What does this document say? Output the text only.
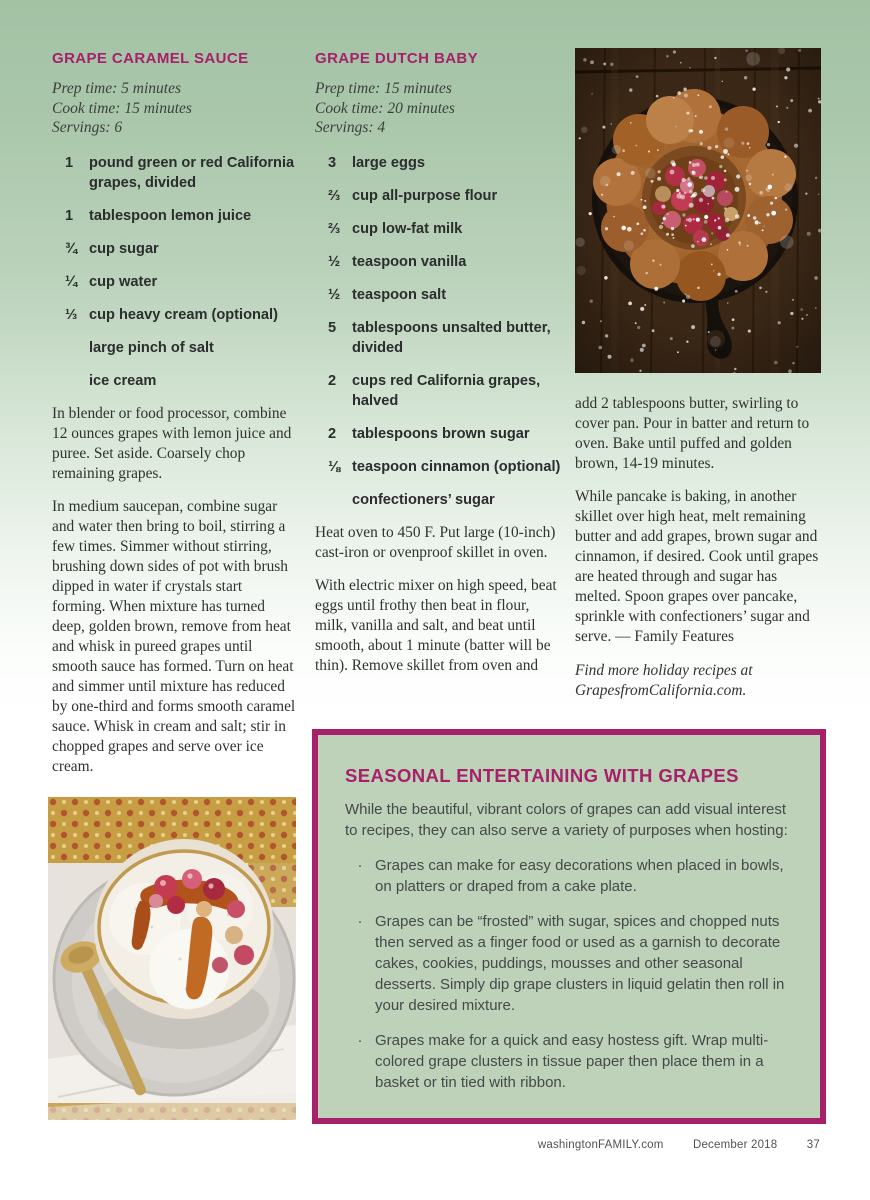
GRAPE CARAMEL SAUCE
Prep time: 5 minutes
Cook time: 15 minutes
Servings: 6
1	pound green or red California grapes, divided
1	tablespoon lemon juice
¾ cup sugar
¼ cup water
⅓ cup heavy cream (optional)
large pinch of salt
ice cream

In blender or food processor, combine 12 ounces grapes with lemon juice and puree. Set aside. Coarsely chop remaining grapes.

In medium saucepan, combine sugar and water then bring to boil, stirring a few times. Simmer without stirring, brushing down sides of pot with brush dipped in water if crystals start forming. When mixture has turned deep, golden brown, remove from heat and whisk in pureed grapes until smooth sauce has formed. Turn on heat and simmer until mixture has reduced by one-third and forms smooth caramel sauce. Whisk in cream and salt; stir in chopped grapes and serve over ice cream.

GRAPE DUTCH BABY
Prep time: 15 minutes
Cook time: 20 minutes
Servings: 4
3	large eggs
⅔ cup all-purpose flour
⅔ cup low-fat milk
½ teaspoon vanilla
½ teaspoon salt
5	tablespoons unsalted butter, divided
2	cups red California grapes, halved
2	tablespoons brown sugar
⅛ teaspoon cinnamon (optional)
confectioners’ sugar

Heat oven to 450 F. Put large (10-inch) cast-iron or ovenproof skillet in oven.

With electric mixer on high speed, beat eggs until frothy then beat in flour, milk, vanilla and salt, and beat until smooth, about 1 minute (batter will be thin). Remove skillet from oven and

add 2 tablespoons butter, swirling to cover pan. Pour in batter and return to oven. Bake until puffed and golden brown, 14-19 minutes.

While pancake is baking, in another skillet over high heat, melt remaining butter and add grapes, brown sugar and cinnamon, if desired. Cook until grapes are heated through and sugar has melted. Spoon grapes over pancake, sprinkle with confectioners’ sugar and serve. — Family Features

Find more holiday recipes at GrapesfromCalifornia.com.

SEASONAL ENTERTAINING WITH GRAPES

While the beautiful, vibrant colors of grapes can add visual interest to recipes, they can also serve a variety of purposes when hosting:

· Grapes can make for easy decorations when placed in bowls, on platters or draped from a cake plate.
· Grapes can be “frosted” with sugar, spices and chopped nuts then served as a finger food or used as a garnish to decorate cakes, cookies, puddings, mousses and other seasonal desserts. Simply dip grape clusters in liquid gelatin then roll in your desired mixture.
· Grapes make for a quick and easy hostess gift. Wrap multi-colored grape clusters in tissue paper then place them in a basket or tin tied with ribbon.
washingtonFAMILY.com	December 2018	37
